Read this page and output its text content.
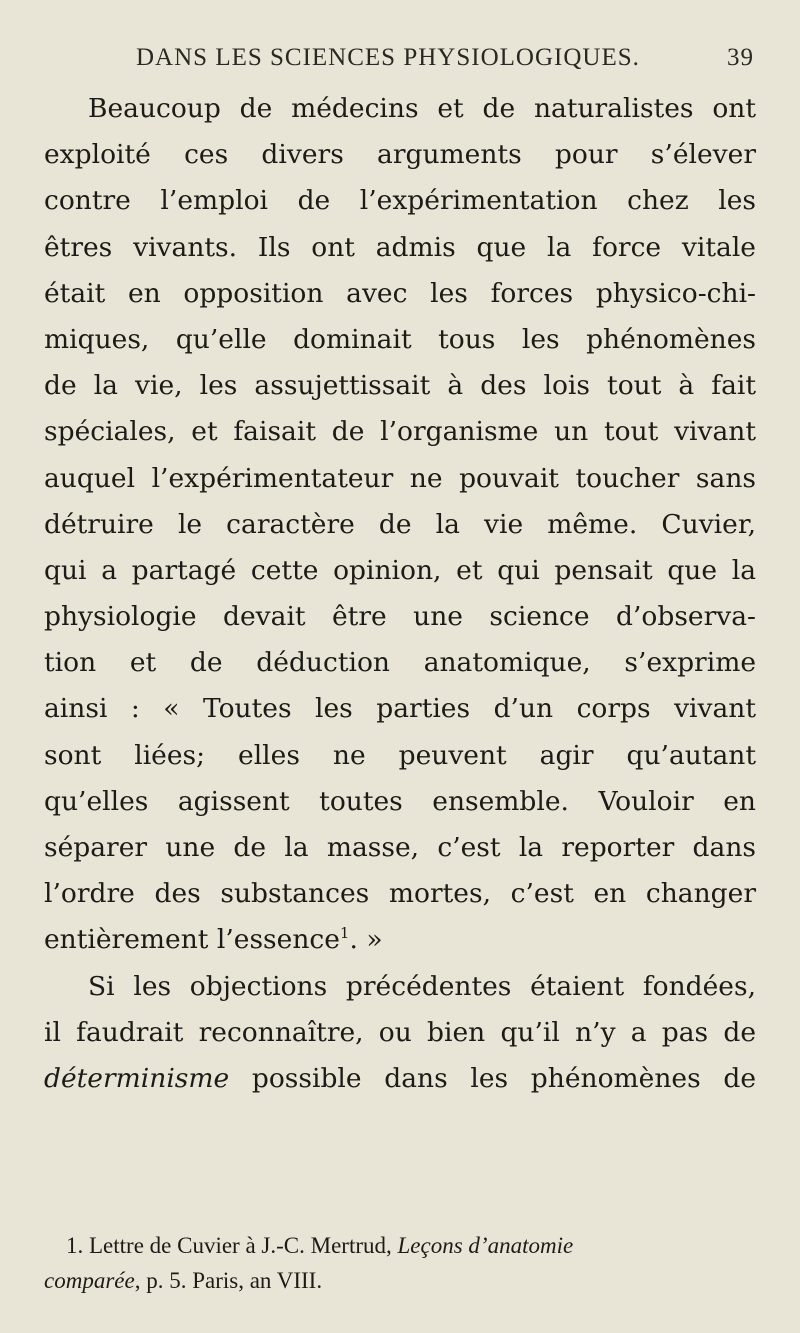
DANS LES SCIENCES PHYSIOLOGIQUES.	39
Beaucoup de médecins et de naturalistes ont
exploité ces divers arguments pour s’élever
contre l’emploi de l’expérimentation chez les
êtres vivants. Ils ont admis que la force vitale
était en opposition avec les forces physico-chi-
miques, qu’elle dominait tous les phénomènes
de la vie, les assujettissait à des lois tout à fait
spéciales, et faisait de l’organisme un tout vivant
auquel l’expérimentateur ne pouvait toucher sans
détruire le caractère de la vie même. Cuvier,
qui a partagé cette opinion, et qui pensait que la
physiologie devait être une science d’observa-
tion et de déduction anatomique, s’exprime
ainsi : « Toutes les parties d’un corps vivant
sont liées; elles ne peuvent agir qu’autant
qu’elles agissent toutes ensemble. Vouloir en
séparer une de la masse, c’est la reporter dans
l’ordre des substances mortes, c’est en changer
entièrement l’essence$^1$. »
Si les objections précédentes étaient fondées,
il faudrait reconnaître, ou bien qu’il n’y a pas de
déterminisme possible dans les phénomènes de
1. Lettre de Cuvier à J.-C. Mertrud, Leçons d’anatomie
comparée, p. 5. Paris, an VIII.
